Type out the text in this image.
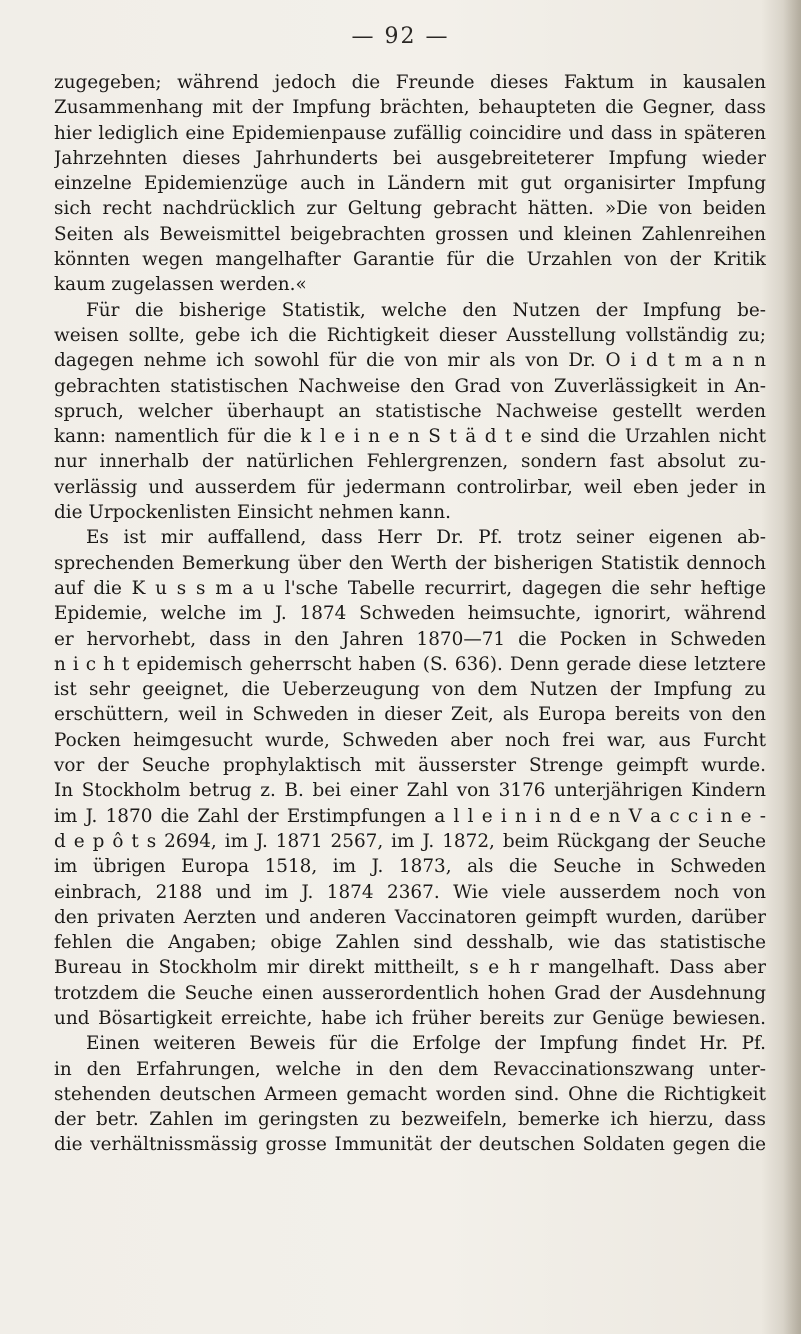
— 92 —
zugegeben; während jedoch die Freunde dieses Faktum in kausalen
Zusammenhang mit der Impfung brächten, behaupteten die Gegner, dass
hier lediglich eine Epidemienpause zufällig coincidire und dass in späteren
Jahrzehnten dieses Jahrhunderts bei ausgebreiteterer Impfung wieder
einzelne Epidemienzüge auch in Ländern mit gut organisirter Impfung
sich recht nachdrücklich zur Geltung gebracht hätten. »Die von beiden
Seiten als Beweismittel beigebrachten grossen und kleinen Zahlenreihen
könnten wegen mangelhafter Garantie für die Urzahlen von der Kritik
kaum zugelassen werden.«
Für die bisherige Statistik, welche den Nutzen der Impfung be-
weisen sollte, gebe ich die Richtigkeit dieser Ausstellung vollständig zu;
dagegen nehme ich sowohl für die von mir als von Dr. O i d t m a n n
gebrachten statistischen Nachweise den Grad von Zuverlässigkeit in An-
spruch, welcher überhaupt an statistische Nachweise gestellt werden
kann: namentlich für die k l e i n e n S t ä d t e sind die Urzahlen nicht
nur innerhalb der natürlichen Fehlergrenzen, sondern fast absolut zu-
verlässig und ausserdem für jedermann controlirbar, weil eben jeder in
die Urpockenlisten Einsicht nehmen kann.
Es ist mir auffallend, dass Herr Dr. Pf. trotz seiner eigenen ab-
sprechenden Bemerkung über den Werth der bisherigen Statistik dennoch
auf die K u s s m a u l'sche Tabelle recurrirt, dagegen die sehr heftige
Epidemie, welche im J. 1874 Schweden heimsuchte, ignorirt, während
er hervorhebt, dass in den Jahren 1870—71 die Pocken in Schweden
n i c h t epidemisch geherrscht haben (S. 636). Denn gerade diese letztere
ist sehr geeignet, die Ueberzeugung von dem Nutzen der Impfung zu
erschüttern, weil in Schweden in dieser Zeit, als Europa bereits von den
Pocken heimgesucht wurde, Schweden aber noch frei war, aus Furcht
vor der Seuche prophylaktisch mit äusserster Strenge geimpft wurde.
In Stockholm betrug z. B. bei einer Zahl von 3176 unterjährigen Kindern
im J. 1870 die Zahl der Erstimpfungen a l l e i n i n d e n V a c c i n e -
d e p ô t s 2694, im J. 1871 2567, im J. 1872, beim Rückgang der Seuche
im übrigen Europa 1518, im J. 1873, als die Seuche in Schweden
einbrach, 2188 und im J. 1874 2367. Wie viele ausserdem noch von
den privaten Aerzten und anderen Vaccinatoren geimpft wurden, darüber
fehlen die Angaben; obige Zahlen sind desshalb, wie das statistische
Bureau in Stockholm mir direkt mittheilt, s e h r mangelhaft. Dass aber
trotzdem die Seuche einen ausserordentlich hohen Grad der Ausdehnung
und Bösartigkeit erreichte, habe ich früher bereits zur Genüge bewiesen.
Einen weiteren Beweis für die Erfolge der Impfung findet Hr. Pf.
in den Erfahrungen, welche in den dem Revaccinationszwang unter-
stehenden deutschen Armeen gemacht worden sind. Ohne die Richtigkeit
der betr. Zahlen im geringsten zu bezweifeln, bemerke ich hierzu, dass
die verhältnissmässig grosse Immunität der deutschen Soldaten gegen die
